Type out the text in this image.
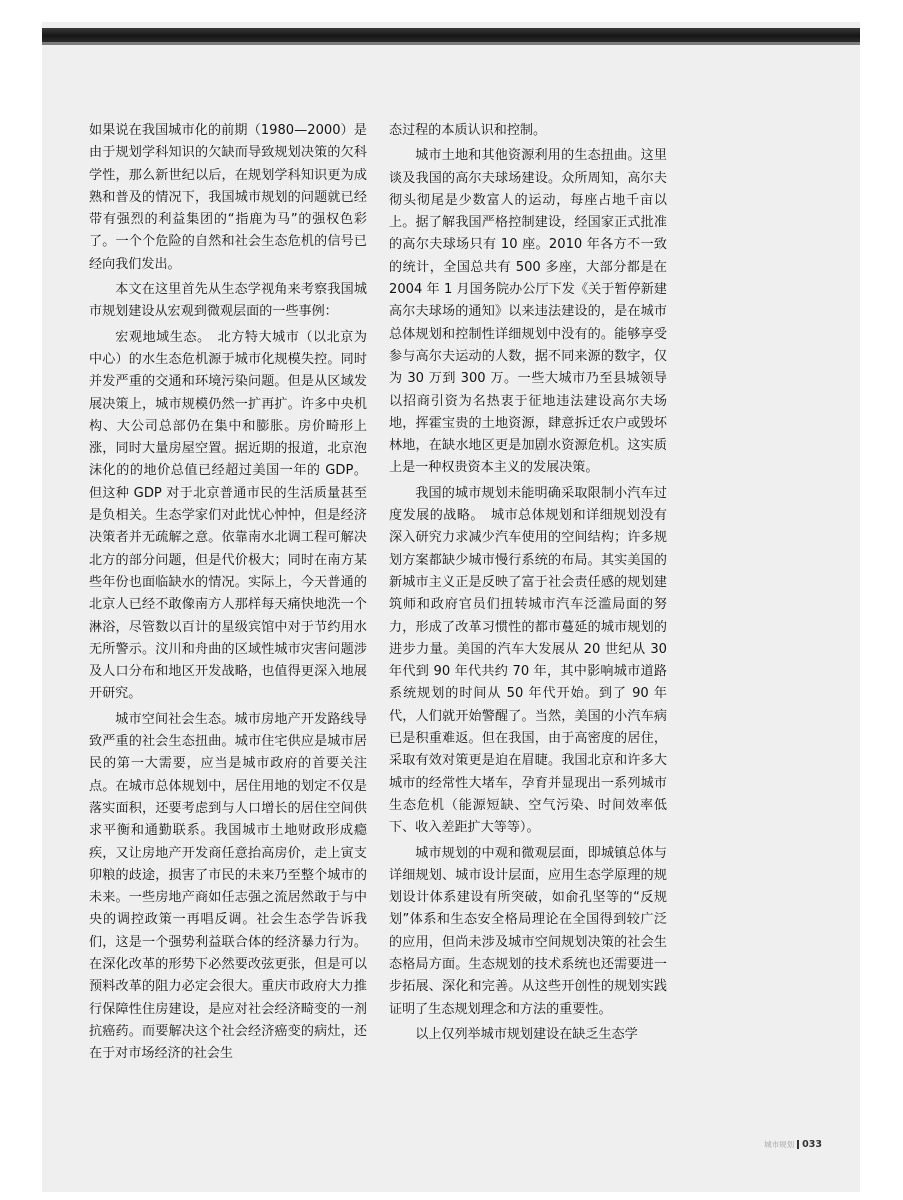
如果说在我国城市化的前期（1980—2000）是由于规划学科知识的欠缺而导致规划决策的欠科学性，那么新世纪以后，在规划学科知识更为成熟和普及的情况下，我国城市规划的问题就已经带有强烈的利益集团的“指鹿为马”的强权色彩了。一个个危险的自然和社会生态危机的信号已经向我们发出。

本文在这里首先从生态学视角来考察我国城市规划建设从宏观到微观层面的一些事例：

宏观地域生态。　北方特大城市（以北京为中心）的水生态危机源于城市化规模失控。同时并发严重的交通和环境污染问题。但是从区域发展决策上，城市规模仍然一扩再扩。许多中央机构、大公司总部仍在集中和膨胀。房价畸形上涨，同时大量房屋空置。据近期的报道，北京泡沫化的的地价总值已经超过美国一年的 GDP。但这种 GDP 对于北京普通市民的生活质量甚至是负相关。生态学家们对此忧心忡忡，但是经济决策者并无疏解之意。依靠南水北调工程可解决北方的部分问题，但是代价极大；同时在南方某些年份也面临缺水的情况。实际上，今天普通的北京人已经不敢像南方人那样每天痛快地洗一个淋浴，尽管数以百计的星级宾馆中对于节约用水无所警示。汶川和舟曲的区域性城市灾害问题涉及人口分布和地区开发战略，也值得更深入地展开研究。

城市空间社会生态。城市房地产开发路线导致严重的社会生态扭曲。城市住宅供应是城市居民的第一大需要，应当是城市政府的首要关注点。在城市总体规划中，居住用地的划定不仅是落实面积，还要考虑到与人口增长的居住空间供求平衡和通勤联系。我国城市土地财政形成瘾疾，又让房地产开发商任意抬高房价，走上寅支卯粮的歧途，损害了市民的未来乃至整个城市的未来。一些房地产商如任志强之流居然敢于与中央的调控政策一再唱反调。社会生态学告诉我们，这是一个强势利益联合体的经济暴力行为。在深化改革的形势下必然要改弦更张，但是可以预料改革的阻力必定会很大。重庆市政府大力推行保障性住房建设，是应对社会经济畸变的一剂抗癌药。而要解决这个社会经济癌变的病灶，还在于对市场经济的社会生

态过程的本质认识和控制。

城市土地和其他资源利用的生态扭曲。这里谈及我国的高尔夫球场建设。众所周知，高尔夫彻头彻尾是少数富人的运动，每座占地千亩以上。据了解我国严格控制建设，经国家正式批准的高尔夫球场只有 10 座。2010 年各方不一致的统计，全国总共有 500 多座，大部分都是在 2004 年 1 月国务院办公厅下发《关于暂停新建高尔夫球场的通知》以来违法建设的，是在城市总体规划和控制性详细规划中没有的。能够享受参与高尔夫运动的人数，据不同来源的数字，仅为 30 万到 300 万。一些大城市乃至县城领导以招商引资为名热衷于征地违法建设高尔夫场地，挥霍宝贵的土地资源，肆意拆迁农户或毁坏林地，在缺水地区更是加剧水资源危机。这实质上是一种权贵资本主义的发展决策。

我国的城市规划未能明确采取限制小汽车过度发展的战略。　城市总体规划和详细规划没有深入研究力求减少汽车使用的空间结构；许多规划方案都缺少城市慢行系统的布局。其实美国的新城市主义正是反映了富于社会责任感的规划建筑师和政府官员们扭转城市汽车泛滥局面的努力，形成了改革习惯性的都市蔓延的城市规划的进步力量。美国的汽车大发展从 20 世纪从 30 年代到 90 年代共约 70 年，其中影响城市道路系统规划的时间从 50 年代开始。到了 90 年代，人们就开始警醒了。当然，美国的小汽车病已是积重难返。但在我国，由于高密度的居住，采取有效对策更是迫在眉睫。我国北京和许多大城市的经常性大堵车，孕育并显现出一系列城市生态危机（能源短缺、空气污染、时间效率低下、收入差距扩大等等）。

城市规划的中观和微观层面，即城镇总体与详细规划、城市设计层面，应用生态学原理的规划设计体系建设有所突破，如俞孔坚等的“反规划”体系和生态安全格局理论在全国得到较广泛的应用，但尚未涉及城市空间规划决策的社会生态格局方面。生态规划的技术系统也还需要进一步拓展、深化和完善。从这些开创性的规划实践证明了生态规划理念和方法的重要性。

以上仅列举城市规划建设在缺乏生态学

城市规划 033
